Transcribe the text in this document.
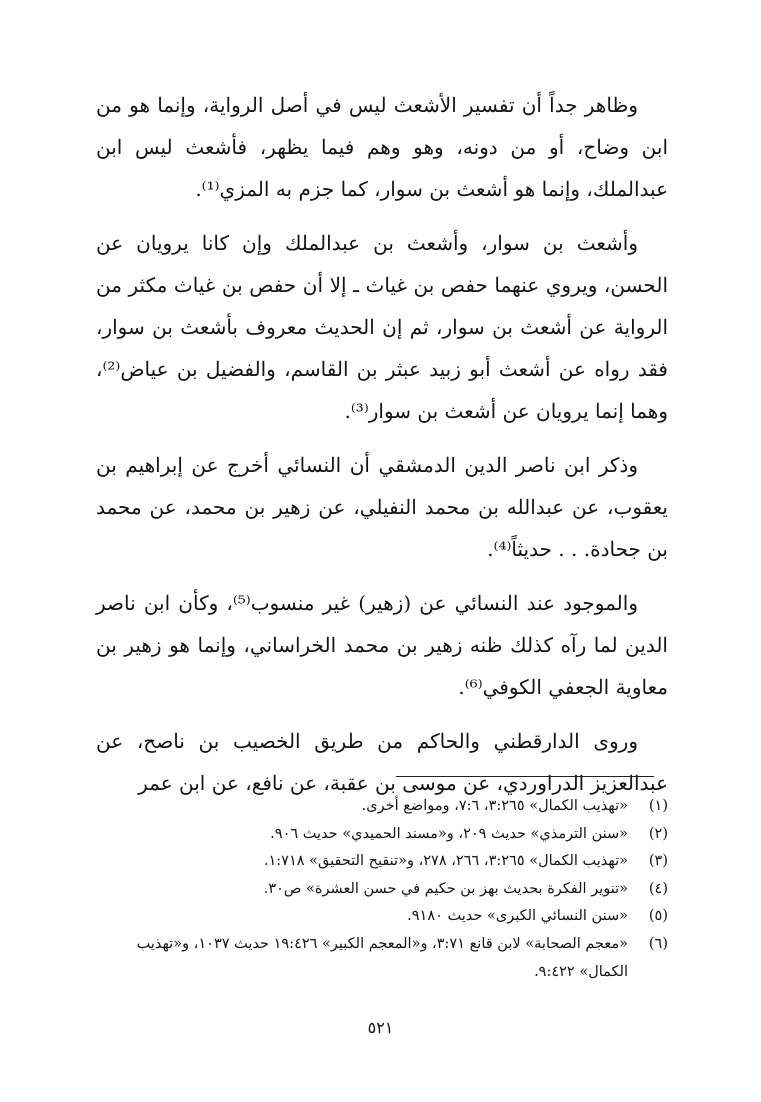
وظاهر جداً أن تفسير الأشعث ليس في أصل الرواية، وإنما هو من ابن وضاح، أو من دونه، وهو وهم فيما يظهر، فأشعث ليس ابن عبدالملك، وإنما هو أشعث بن سوار، كما جزم به المزي⁽¹⁾.

وأشعث بن سوار، وأشعث بن عبدالملك وإن كانا يرويان عن الحسن، ويروي عنهما حفص بن غياث ـ إلا أن حفص بن غياث مكثر من الرواية عن أشعث بن سوار، ثم إن الحديث معروف بأشعث بن سوار، فقد رواه عن أشعث أبو زبيد عبثر بن القاسم، والفضيل بن عياض⁽²⁾، وهما إنما يرويان عن أشعث بن سوار⁽³⁾.

وذكر ابن ناصر الدين الدمشقي أن النسائي أخرج عن إبراهيم بن يعقوب، عن عبدالله بن محمد النفيلي، عن زهير بن محمد، عن محمد بن جحادة. . . حديثاً⁽⁴⁾.

والموجود عند النسائي عن (زهير) غير منسوب⁽⁵⁾، وكأن ابن ناصر الدين لما رآه كذلك ظنه زهير بن محمد الخراساني، وإنما هو زهير بن معاوية الجعفي الكوفي⁽⁶⁾.

وروى الدارقطني والحاكم من طريق الخصيب بن ناصح، عن عبدالعزيز الدراوردي، عن موسى بن عقبة، عن نافع، عن ابن عمر

(١)
«تهذيب الكمال» ٣:٢٦٥، ٧:٦، ومواضع أخرى.
(٢)
«سنن الترمذي» حديث ٢٠٩، و«مسند الحميدي» حديث ٩٠٦.
(٣)
«تهذيب الكمال» ٣:٢٦٥، ٢٦٦، ٢٧٨، و«تنقيح التحقيق» ١:٧١٨.
(٤)
«تنوير الفكرة بحديث بهز بن حكيم في حسن العشرة» ص٣٠.
(٥)
«سنن النسائي الكبرى» حديث ٩١٨٠.
(٦)
«معجم الصحابة» لابن قانع ٣:٧١، و«المعجم الكبير» ١٩:٤٢٦ حديث ١٠٣٧، و«تهذيب الكمال» ٩:٤٢٢.
٥٢١
